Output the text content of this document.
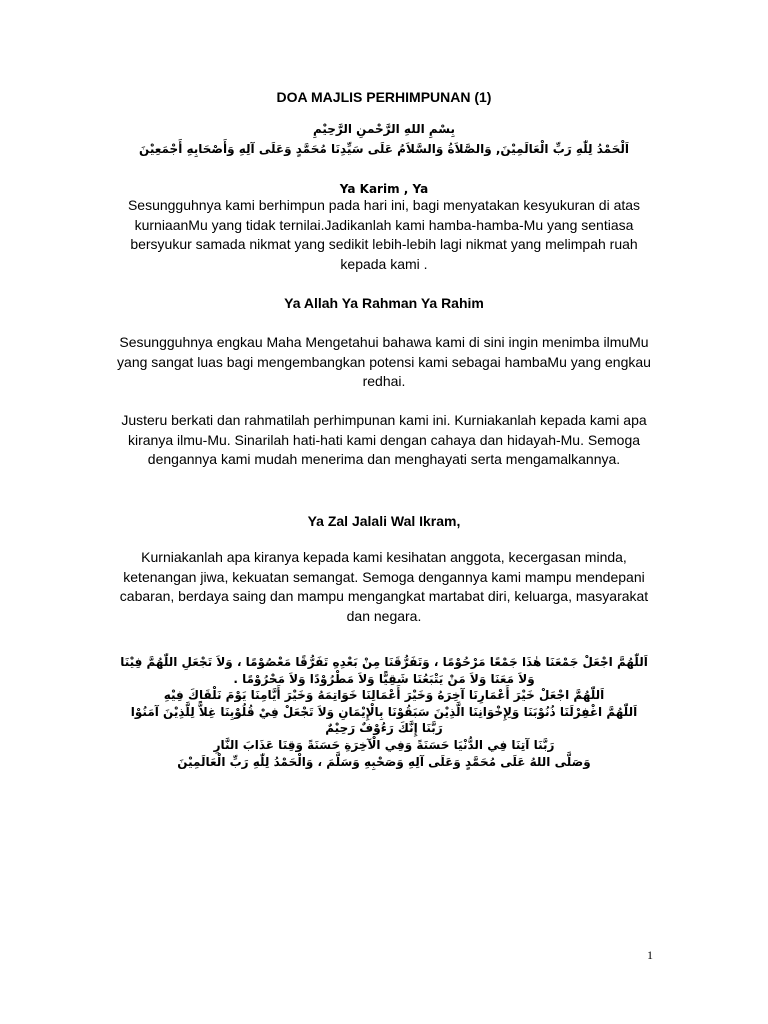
DOA MAJLIS PERHIMPUNAN (1)
بِسْمِ اللهِ الرَّحْمنِ الرَّحِيْمِ
اَلْحَمْدُ لِلّٰهِ رَبِّ الْعَالَمِيْنَ, وَالصَّلاَةُ وَالسَّلاَمُ عَلَى سَيِّدِنَا مُحَمَّدٍ وَعَلَى آلِهِ وَأَصْحَابِهِ أَجْمَعِيْنَ
Ya Karim , Ya
Sesungguhnya kami berhimpun pada hari ini, bagi menyatakan kesyukuran di atas kurniaanMu yang tidak ternilai.Jadikanlah kami hamba-hamba-Mu yang sentiasa bersyukur samada nikmat yang sedikit lebih-lebih lagi nikmat yang melimpah ruah kepada kami .
Ya Allah Ya Rahman Ya Rahim
Sesungguhnya engkau Maha Mengetahui bahawa kami di sini ingin menimba ilmuMu yang sangat luas bagi mengembangkan potensi kami sebagai hambaMu yang engkau redhai.
Justeru berkati dan rahmatilah perhimpunan kami ini. Kurniakanlah kepada kami apa kiranya ilmu-Mu. Sinarilah hati-hati kami dengan cahaya dan hidayah-Mu. Semoga dengannya kami mudah menerima dan menghayati serta mengamalkannya.
Ya Zal Jalali Wal Ikram,
Kurniakanlah apa kiranya kepada kami kesihatan anggota, kecergasan minda, ketenangan jiwa, kekuatan semangat. Semoga dengannya kami mampu mendepani cabaran, berdaya saing dan mampu mengangkat martabat diri, keluarga, masyarakat dan negara.
اَللّٰهُمَّ اجْعَلْ جَمْعَنَا هٰذَا جَمْعًا مَرْحُوْمًا ، وَتَفَرُّقَنَا مِنْ بَعْدِهِ تَفَرُّقًا مَعْصُوْمًا ، وَلاَ تَجْعَلِ اللّٰهُمَّ فِيْنَا
وَلاَ مَعَنَا وَلاَ مَنْ يَتْبَعُنَا شَقِيًّا وَلاَ مَطْرُوْدًا وَلاَ مَحْرُوْمًا .
اَللّٰهُمَّ اجْعَلْ خَيْرَ أَعْمَارِنَا آخِرَهُ وَخَيْرَ أَعْمَالِنَا خَوَاتِمَهُ وَخَيْرَ أَيَّامِنَا يَوْمَ نَلْقَاكَ فِيْهِ
اَللّٰهُمَّ اغْفِرْلَنَا ذُنُوْبَنَا وَلِإِخْوَانِنَا الَّذِيْنَ سَبَقُوْنَا بِالْإِيْمَانِ وَلاَ تَجْعَلْ فِيْ قُلُوْبِنَا غِلاًّ لِلَّذِيْنَ آمَنُوْا
رَبَّنَا إِنَّكَ رَءُوْفٌ رَحِيْمٌ
رَبَّنَا آتِنَا فِي الدُّنْيَا حَسَنَةً وَفِي الْآخِرَةِ حَسَنَةً وَقِنَا عَذَابَ النَّارِ
وَصَلَّى اللهُ عَلَى مُحَمَّدٍ وَعَلَى آلِهِ وَصَحْبِهِ وَسَلَّمَ ، وَالْحَمْدُ لِلّٰهِ رَبِّ الْعَالَمِيْنَ
1
